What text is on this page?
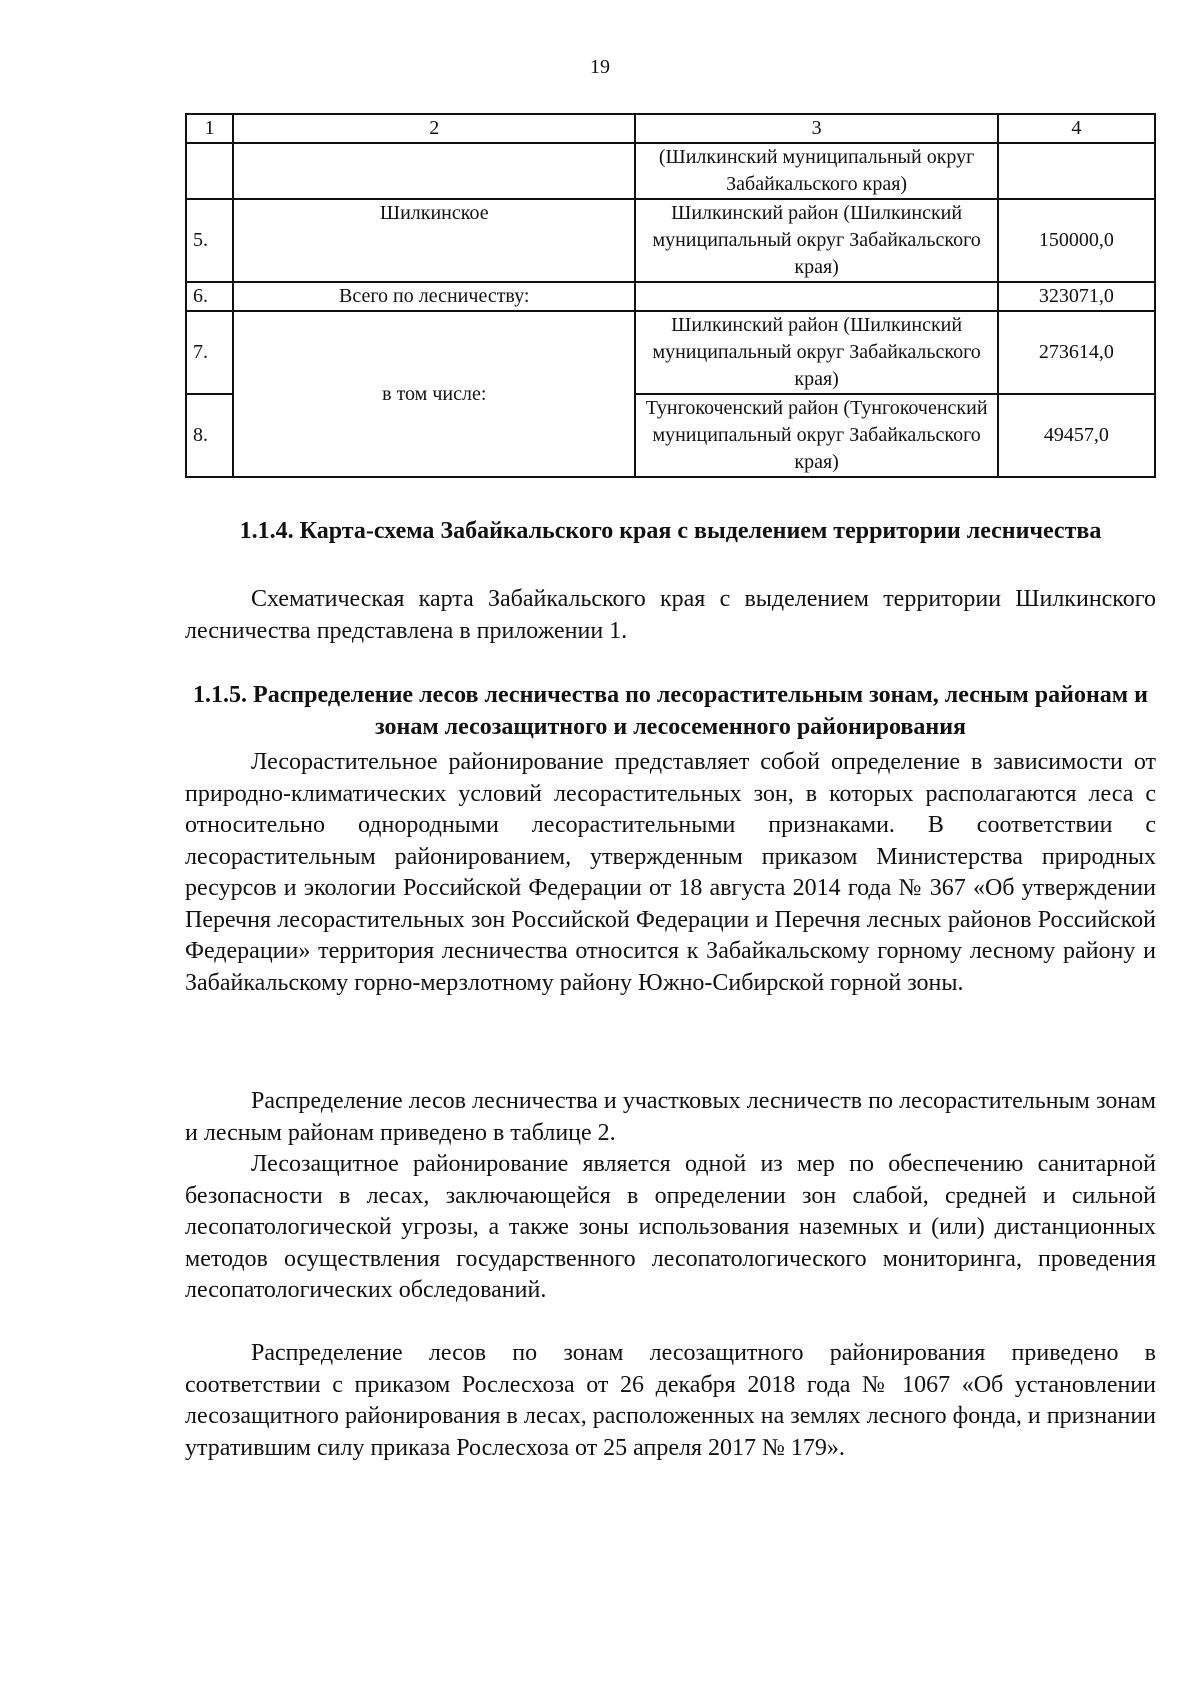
19
1	2	3	4
		(Шилкинский муниципальный округ Забайкальского края)	
5.	Шилкинское	Шилкинский район (Шилкинский муниципальный округ Забайкальского края)	150000,0
6.	Всего по лесничеству:		323071,0
7.	в том числе:	Шилкинский район (Шилкинский муниципальный округ Забайкальского края)	273614,0
8.		Тунгокоченский район (Тунгокоченский муниципальный округ Забайкальского края)	49457,0
1.1.4. Карта-схема Забайкальского края с выделением территории лесничества

Схематическая карта Забайкальского края с выделением территории Шилкинского лесничества представлена в приложении 1.

1.1.5. Распределение лесов лесничества по лесорастительным зонам, лесным районам и зонам лесозащитного и лесосеменного районирования

Лесорастительное районирование представляет собой определение в зависимости от природно-климатических условий лесорастительных зон, в которых располагаются леса с относительно однородными лесорастительными признаками. В соответствии с лесорастительным районированием, утвержденным приказом Министерства природных ресурсов и экологии Российской Федерации от 18 августа 2014 года № 367 «Об утверждении Перечня лесорастительных зон Российской Федерации и Перечня лесных районов Российской Федерации» территория лесничества относится к Забайкальскому горному лесному району и Забайкальскому горно-мерзлотному району Южно-Сибирской горной зоны.

Распределение лесов лесничества и участковых лесничеств по лесорастительным зонам и лесным районам приведено в таблице 2.

Лесозащитное районирование является одной из мер по обеспечению санитарной безопасности в лесах, заключающейся в определении зон слабой, средней и сильной лесопатологической угрозы, а также зоны использования наземных и (или) дистанционных методов осуществления государственного лесопатологического мониторинга, проведения лесопатологических обследований.

Распределение лесов по зонам лесозащитного районирования приведено в соответствии с приказом Рослесхоза от 26 декабря 2018 года № 1067 «Об установлении лесозащитного районирования в лесах, расположенных на землях лесного фонда, и признании утратившим силу приказа Рослесхоза от 25 апреля 2017 № 179».
